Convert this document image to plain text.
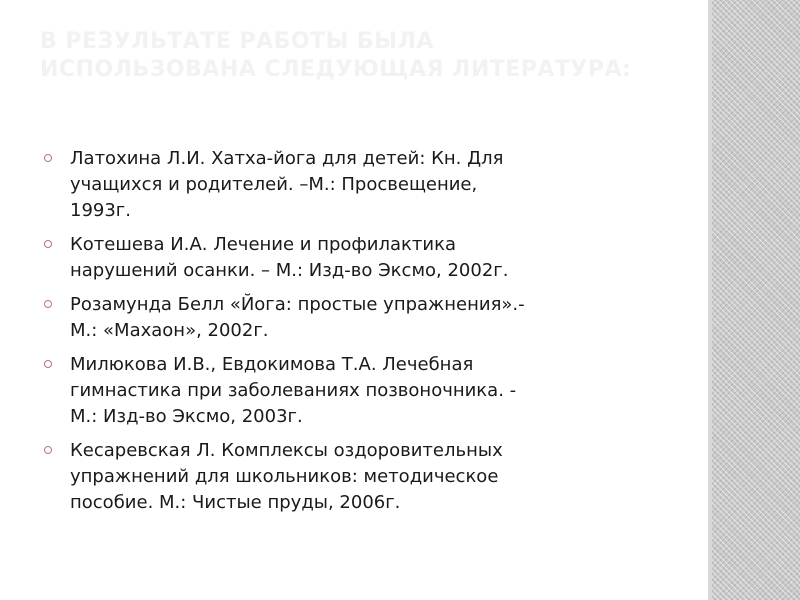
В РЕЗУЛЬТАТЕ РАБОТЫ БЫЛА
ИСПОЛЬЗОВАНА СЛЕДУЮЩАЯ ЛИТЕРАТУРА:
Латохина Л.И. Хатха-йога для детей: Кн. Для
учащихся и родителей. –М.: Просвещение,
1993г.
Котешева И.А. Лечение и профилактика
нарушений осанки. – М.: Изд-во Эксмо, 2002г.
Розамунда Белл «Йога: простые упражнения».-
М.: «Махаон», 2002г.
Милюкова И.В., Евдокимова Т.А. Лечебная
гимнастика при заболеваниях позвоночника. -
М.: Изд-во Эксмо, 2003г.
Кесаревская Л. Комплексы оздоровительных
упражнений для школьников: методическое
пособие. М.: Чистые пруды, 2006г.
